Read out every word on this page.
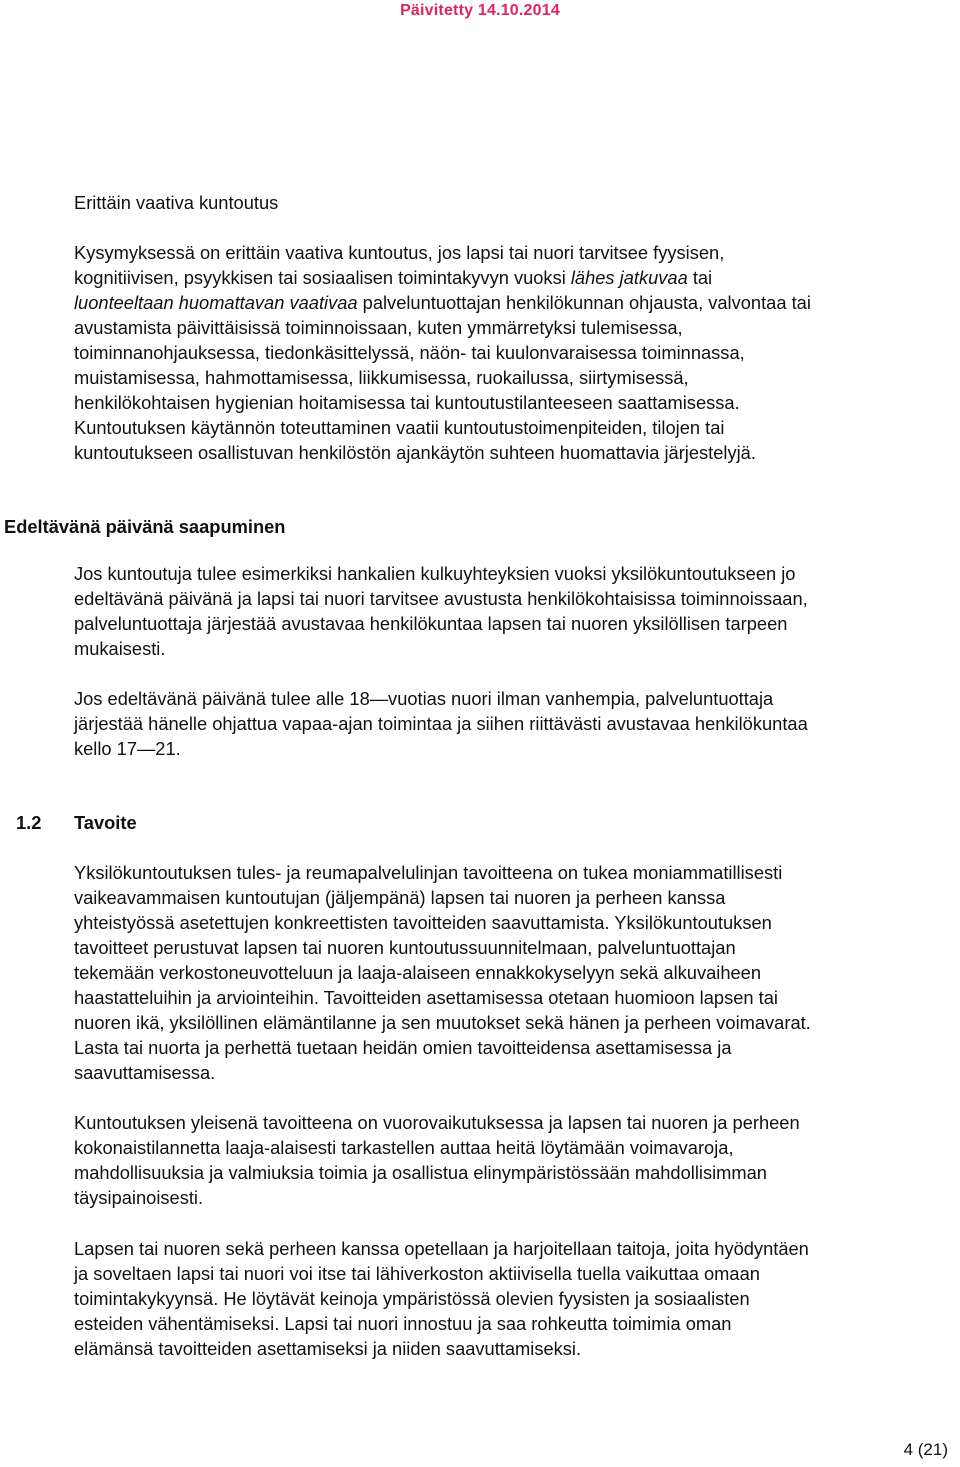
Päivitetty 14.10.2014
Erittäin vaativa kuntoutus
Kysymyksessä on erittäin vaativa kuntoutus, jos lapsi tai nuori tarvitsee fyysisen,
kognitiivisen, psyykkisen tai sosiaalisen toimintakyvyn vuoksi lähes jatkuvaa tai
luonteeltaan huomattavan vaativaa palveluntuottajan henkilökunnan ohjausta, valvontaa tai
avustamista päivittäisissä toiminnoissaan, kuten ymmärretyksi tulemisessa,
toiminnanohjauksessa, tiedonkäsittelyssä, näön- tai kuulonvaraisessa toiminnassa,
muistamisessa, hahmottamisessa, liikkumisessa, ruokailussa, siirtymisessä,
henkilökohtaisen hygienian hoitamisessa tai kuntoutustilanteeseen saattamisessa.
Kuntoutuksen käytännön toteuttaminen vaatii kuntoutustoimenpiteiden, tilojen tai
kuntoutukseen osallistuvan henkilöstön ajankäytön suhteen huomattavia järjestelyjä.
Edeltävänä päivänä saapuminen
Jos kuntoutuja tulee esimerkiksi hankalien kulkuyhteyksien vuoksi yksilökuntoutukseen jo
edeltävänä päivänä ja lapsi tai nuori tarvitsee avustusta henkilökohtaisissa toiminnoissaan,
palveluntuottaja järjestää avustavaa henkilökuntaa lapsen tai nuoren yksilöllisen tarpeen
mukaisesti.
Jos edeltävänä päivänä tulee alle 18—vuotias nuori ilman vanhempia, palveluntuottaja
järjestää hänelle ohjattua vapaa-ajan toimintaa ja siihen riittävästi avustavaa henkilökuntaa
kello 17—21.
1.2 Tavoite
Yksilökuntoutuksen tules- ja reumapalvelulinjan tavoitteena on tukea moniammatillisesti
vaikeavammaisen kuntoutujan (jäljempänä) lapsen tai nuoren ja perheen kanssa
yhteistyössä asetettujen konkreettisten tavoitteiden saavuttamista. Yksilökuntoutuksen
tavoitteet perustuvat lapsen tai nuoren kuntoutussuunnitelmaan, palveluntuottajan
tekemään verkostoneuvotteluun ja laaja-alaiseen ennakkokyselyyn sekä alkuvaiheen
haastatteluihin ja arviointeihin. Tavoitteiden asettamisessa otetaan huomioon lapsen tai
nuoren ikä, yksilöllinen elämäntilanne ja sen muutokset sekä hänen ja perheen voimavarat.
Lasta tai nuorta ja perhettä tuetaan heidän omien tavoitteidensa asettamisessa ja
saavuttamisessa.
Kuntoutuksen yleisenä tavoitteena on vuorovaikutuksessa ja lapsen tai nuoren ja perheen
kokonaistilannetta laaja-alaisesti tarkastellen auttaa heitä löytämään voimavaroja,
mahdollisuuksia ja valmiuksia toimia ja osallistua elinympäristössään mahdollisimman
täysipainoisesti.
Lapsen tai nuoren sekä perheen kanssa opetellaan ja harjoitellaan taitoja, joita hyödyntäen
ja soveltaen lapsi tai nuori voi itse tai lähiverkoston aktiivisella tuella vaikuttaa omaan
toimintakykyynsä. He löytävät keinoja ympäristössä olevien fyysisten ja sosiaalisten
esteiden vähentämiseksi. Lapsi tai nuori innostuu ja saa rohkeutta toimimia oman
elämänsä tavoitteiden asettamiseksi ja niiden saavuttamiseksi.
4 (21)
